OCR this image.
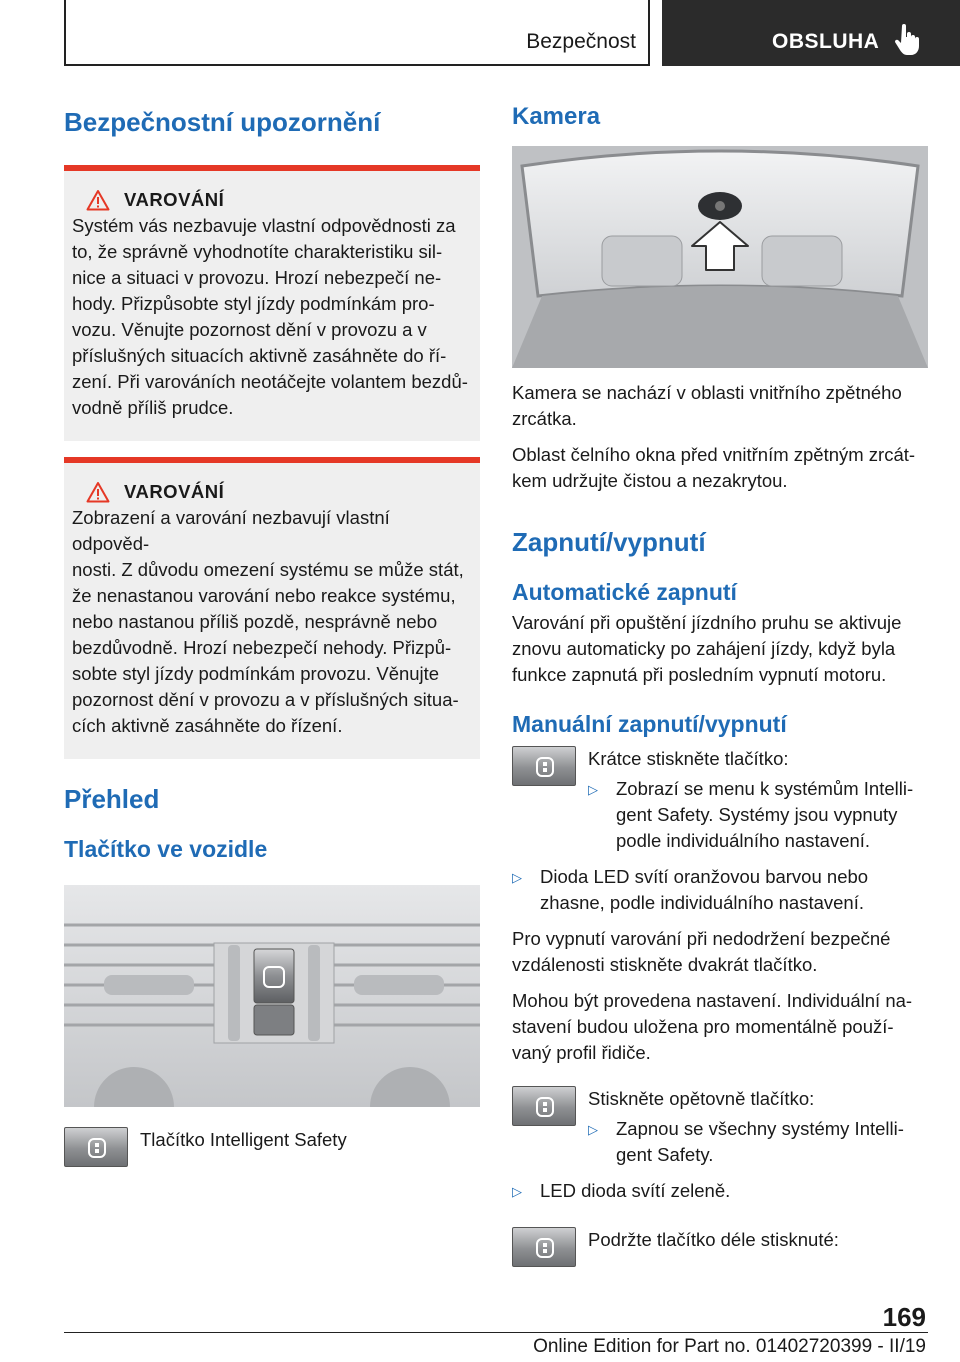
Bezpečnost	OBSLUHA
Bezpečnostní upozornění
VAROVÁNÍ
Systém vás nezbavuje vlastní odpovědnosti za
to, že správně vyhodnotíte charakteristiku sil-
nice a situaci v provozu. Hrozí nebezpečí ne-
hody. Přizpůsobte styl jízdy podmínkám pro-
vozu. Věnujte pozornost dění v provozu a v
příslušných situacích aktivně zasáhněte do ří-
zení. Při varováních neotáčejte volantem bezdů-
vodně příliš prudce.
VAROVÁNÍ
Zobrazení a varování nezbavují vlastní odpověd-
nosti. Z důvodu omezení systému se může stát,
že nenastanou varování nebo reakce systému,
nebo nastanou příliš pozdě, nesprávně nebo
bezdůvodně. Hrozí nebezpečí nehody. Přizpů-
sobte styl jízdy podmínkám provozu. Věnujte
pozornost dění v provozu a v příslušných situa-
cích aktivně zasáhněte do řízení.
Přehled
Tlačítko ve vozidle
Tlačítko Intelligent Safety
Kamera

Kamera se nachází v oblasti vnitřního zpětného
zrcátka.

Oblast čelního okna před vnitřním zpětným zrcát-
kem udržujte čistou a nezakrytou.

Zapnutí/vypnutí
Automatické zapnutí

Varování při opuštění jízdního pruhu se aktivuje
znovu automaticky po zahájení jízdy, když byla
funkce zapnutá při posledním vypnutí motoru.

Manuální zapnutí/vypnutí
Krátce stiskněte tlačítko:
▷ Zobrazí se menu k systémům Intelli-
gent Safety. Systémy jsou vypnuty
podle individuálního nastavení.
▷ Dioda LED svítí oranžovou barvou nebo
zhasne, podle individuálního nastavení.

Pro vypnutí varování při nedodržení bezpečné
vzdálenosti stiskněte dvakrát tlačítko.

Mohou být provedena nastavení. Individuální na-
stavení budou uložena pro momentálně použí-
vaný profil řidiče.

Stiskněte opětovně tlačítko:
▷ Zapnou se všechny systémy Intelli-
gent Safety.
▷ LED dioda svítí zeleně.
Podržte tlačítko déle stisknuté:
169
Online Edition for Part no. 01402720399 - II/19
